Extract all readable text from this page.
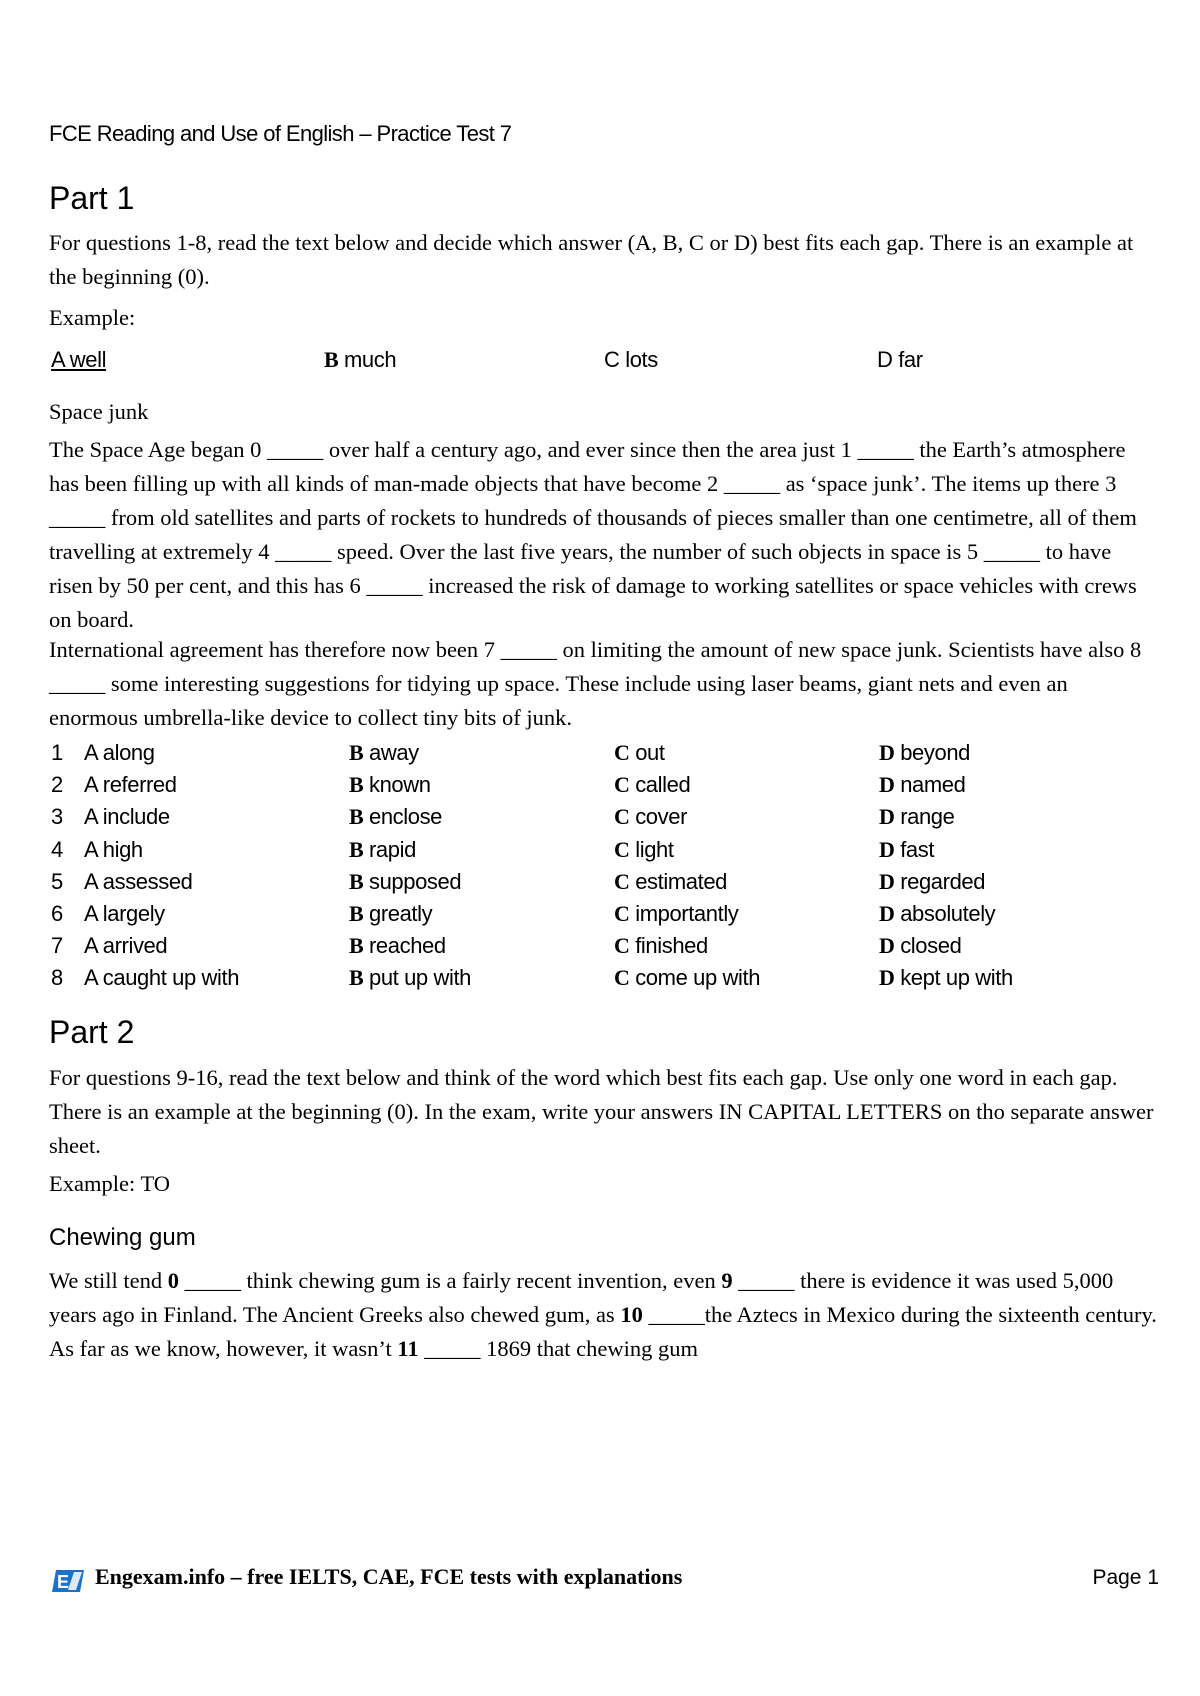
FCE Reading and Use of English – Practice Test 7
Part 1

For questions 1-8, read the text below and decide which answer (A, B, C or D) best fits each gap. There is an example at the beginning (0).

Example:

A well	B much	C lots	D far

Space junk

The Space Age began 0 _____ over half a century ago, and ever since then the area just 1 _____ the Earth’s atmosphere has been filling up with all kinds of man-made objects that have become 2 _____ as ‘space junk’. The items up there 3 _____ from old satellites and parts of rockets to hundreds of thousands of pieces smaller than one centimetre, all of them travelling at extremely 4 _____ speed. Over the last five years, the number of such objects in space is 5 _____ to have risen by 50 per cent, and this has 6 _____ increased the risk of damage to working satellites or space vehicles with crews on board.

International agreement has therefore now been 7 _____ on limiting the amount of new space junk. Scientists have also 8 _____ some interesting suggestions for tidying up space. These include using laser beams, giant nets and even an enormous umbrella-like device to collect tiny bits of junk.

1 A along	B away	C out	D beyond
2 A referred	B known	C called	D named
3 A include	B enclose	C cover	D range
4 A high	B rapid	C light	D fast
5 A assessed	B supposed	C estimated	D regarded
6 A largely	B greatly	C importantly	D absolutely
7 A arrived	B reached	C finished	D closed
8 A caught up with	B put up with	C come up with	D kept up with
Part 2

For questions 9-16, read the text below and think of the word which best fits each gap. Use only one word in each gap. There is an example at the beginning (0). In the exam, write your answers IN CAPITAL LETTERS on tho separate answer sheet.

Example: TO

Chewing gum

We still tend 0 _____ think chewing gum is a fairly recent invention, even 9 _____ there is evidence it was used 5,000 years ago in Finland. The Ancient Greeks also chewed gum, as 10 _____the Aztecs in Mexico during the sixteenth century. As far as we know, however, it wasn’t 11 _____ 1869 that chewing gum

E Engexam.info – free IELTS, CAE, FCE tests with explanations	Page 1
